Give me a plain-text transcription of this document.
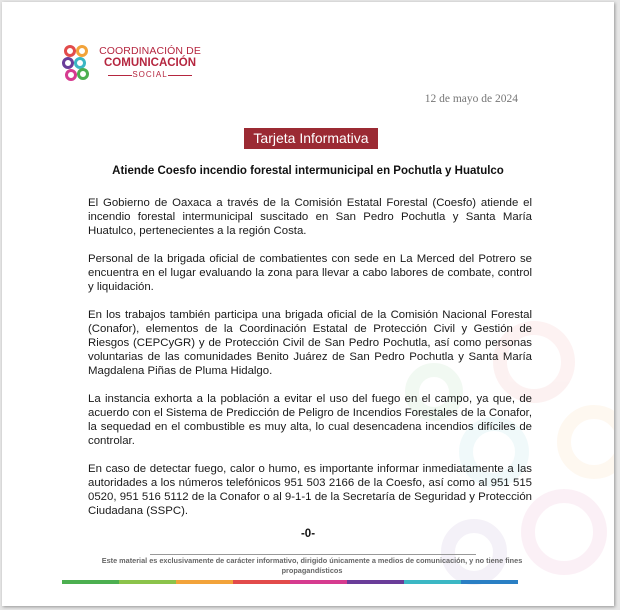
COORDINACIÓN DE
COMUNICACIÓN
SOCIAL
12 de mayo de 2024
Tarjeta Informativa
Atiende Coesfo incendio forestal intermunicipal en Pochutla y Huatulco

El Gobierno de Oaxaca a través de la Comisión Estatal Forestal (Coesfo) atiende el incendio forestal intermunicipal suscitado en San Pedro Pochutla y Santa María Huatulco, pertenecientes a la región Costa.

Personal de la brigada oficial de combatientes con sede en La Merced del Potrero se encuentra en el lugar evaluando la zona para llevar a cabo labores de combate, control y liquidación.

En los trabajos también participa una brigada oficial de la Comisión Nacional Forestal (Conafor), elementos de la Coordinación Estatal de Protección Civil y Gestión de Riesgos (CEPCyGR) y de Protección Civil de San Pedro Pochutla, así como personas voluntarias de las comunidades Benito Juárez de San Pedro Pochutla y Santa María Magdalena Piñas de Pluma Hidalgo.

La instancia exhorta a la población a evitar el uso del fuego en el campo, ya que, de acuerdo con el Sistema de Predicción de Peligro de Incendios Forestales de la Conafor, la sequedad en el combustible es muy alta, lo cual desencadena incendios difíciles de controlar.

En caso de detectar fuego, calor o humo, es importante informar inmediatamente a las autoridades a los números telefónicos 951 503 2166 de la Coesfo, así como al 951 515 0520, 951 516 5112 de la Conafor o al 9-1-1 de la Secretaría de Seguridad y Protección Ciudadana (SSPC).

-0-
Este material es exclusivamente de carácter informativo, dirigido únicamente a medios de comunicación, y no tiene fines propagandísticos
